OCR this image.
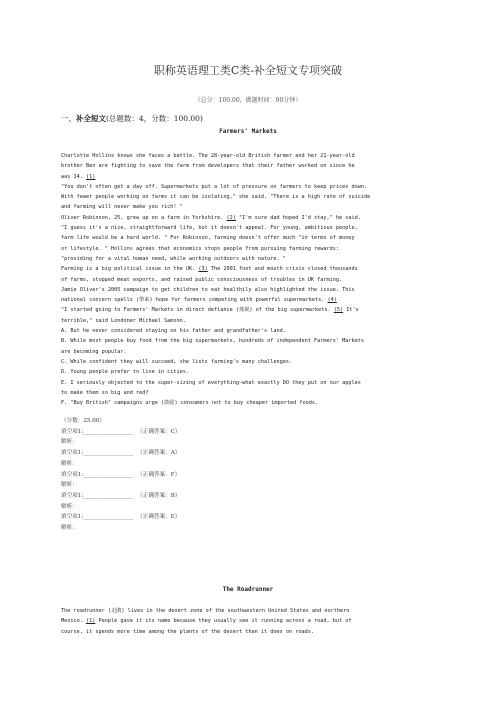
职称英语理工类C类-补全短文专项突破
（总分：100.00，做题时间：90分钟）
一、补全短文(总题数：4，分数：100.00)
Farmers' Markets

Charlotte Hollins knows she faces a battle. The 28-year-old British farmer and her 21-year-old

brother Ben are fighting to save the farm from developers that their father worked on since he

was 14. (1)

"You don't often get a day off. Supermarkets put a lot of pressure on farmers to keep prices down.

With fewer people working on farms it can be isolating," she said. "There is a high rate of suicide

and farming will never make you rich! "

Oliver Robinson, 25, grew up on a farm in Yorkshire. (2) "I'm sure dad hoped I'd stay," he said.

"I guess it's a nice, straightforward life, but it doesn't appeal. For young, ambitious people,

farm life would be a hard world. " For Robinson, farming doesn't offer much "in terms of money

or lifestyle. " Hollins agrees that economics stops people from pursuing farming rewards:

"providing for a vital human need, while working outdoors with nature. "

Farming is a big political issue in the UK. (3) The 2001 foot and mouth crisis closed thousands

of farms, stopped meat exports, and raised public consciousness of troubles in UK farming.

Jamie Oliver's 2005 campaign to get children to eat healthily also highlighted the issue. This

national concern spells (带来) hope for farmers competing with powerful supermarkets. (4)

"I started going to Farmers' Markets in direct defiance (蔑视) of the big supermarkets. (5) It's

terrible," said Londoner Michael Samson.

A. But he never considered staying on his father and grandfather's land.

B. While most people buy food from the big supermarkets, hundreds of independent Farmers' Markets

are becoming popular.

C. While confident they will succeed, she lists farming's many challenges.

D. Young people prefer to live in cities.

E. I seriously objected to the super-sizing of everything—what exactly DO they put on our apples

to make them so big and red?

F. "Buy British" campaigns urge (鼓励) consumers not to buy cheaper imported foods.

（分数：25.00）

填空项1:__________________ （正确答案：C）

解析：

填空项1:__________________ （正确答案：A）

解析：

填空项1:__________________ （正确答案：F）

解析：

填空项1:__________________ （正确答案：B）

解析：

填空项1:__________________ （正确答案：E）

解析：

The Roadrunner

The roadrunner (走鹃) lives in the desert zone of the southwestern United States and northern

Mexico. (1) People gave it its name because they usually see it running across a road, but of

course, it spends more time among the plants of the desert than it does on roads.
